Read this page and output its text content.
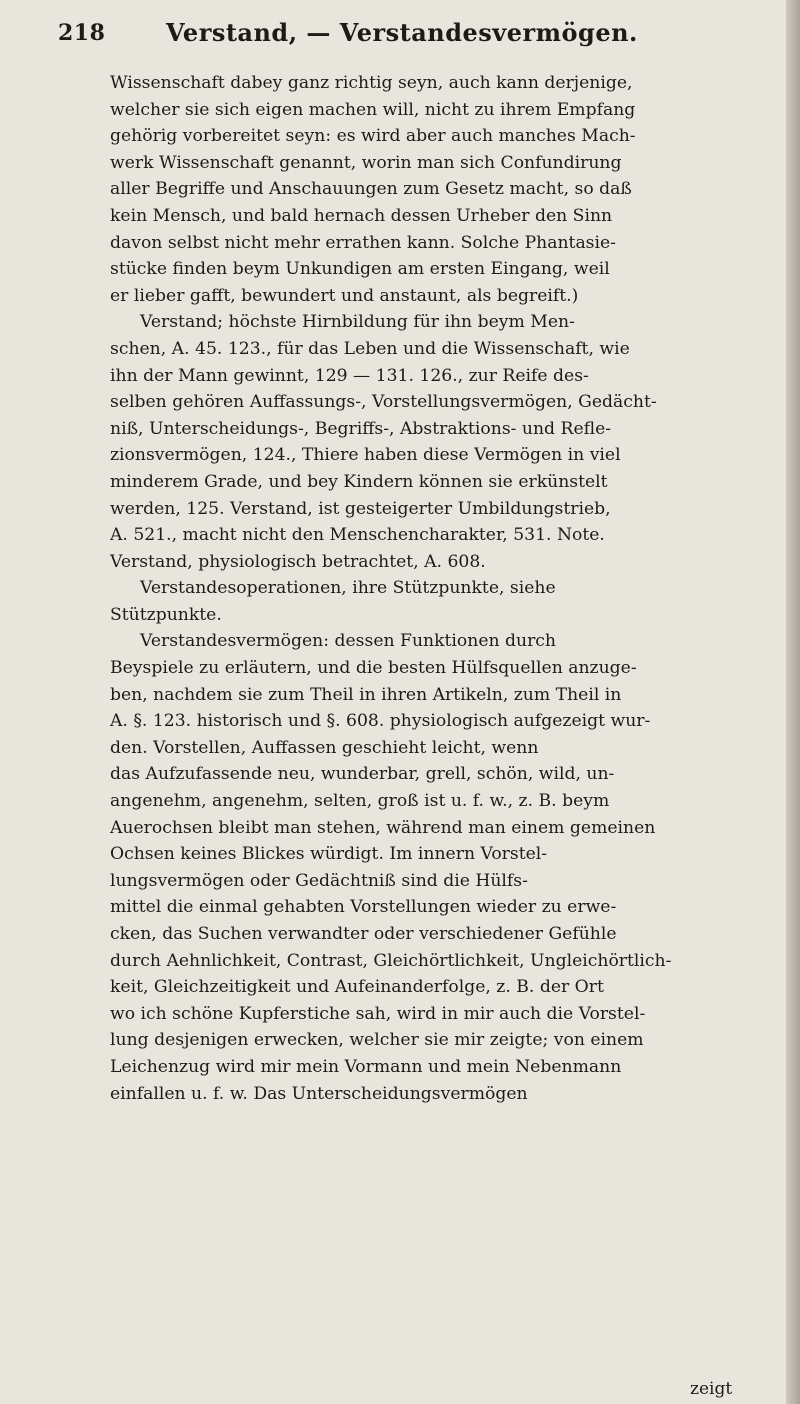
218	Verstand, — Verstandesvermögen.
Wissenschaft dabey ganz richtig seyn, auch kann derjenige,
welcher sie sich eigen machen will, nicht zu ihrem Empfang
gehörig vorbereitet seyn: es wird aber auch manches Mach-
werk Wissenschaft genannt, worin man sich Confundirung
aller Begriffe und Anschauungen zum Gesetz macht, so daß
kein Mensch, und bald hernach dessen Urheber den Sinn
davon selbst nicht mehr errathen kann. Solche Phantasie-
stücke finden beym Unkundigen am ersten Eingang, weil
er lieber gafft, bewundert und anstaunt, als begreift.)
Verstand; höchste Hirnbildung für ihn beym Men-
schen, A. 45. 123., für das Leben und die Wissenschaft, wie
ihn der Mann gewinnt, 129 — 131. 126., zur Reife des-
selben gehören Auffassungs-, Vorstellungsvermögen, Gedächt-
niß, Unterscheidungs-, Begriffs-, Abstraktions- und Refle-
zionsvermögen, 124., Thiere haben diese Vermögen in viel
minderem Grade, und bey Kindern können sie erkünstelt
werden, 125. Verstand, ist gesteigerter Umbildungstrieb,
A. 521., macht nicht den Menschencharakter, 531. Note.
Verstand, physiologisch betrachtet, A. 608.
Verstandesoperationen, ihre Stützpunkte, siehe
Stützpunkte.
Verstandesvermögen: dessen Funktionen durch
Beyspiele zu erläutern, und die besten Hülfsquellen anzuge-
ben, nachdem sie zum Theil in ihren Artikeln, zum Theil in
A. §. 123. historisch und §. 608. physiologisch aufgezeigt wur-
den. Vorstellen, Auffassen geschieht leicht, wenn
das Aufzufassende neu, wunderbar, grell, schön, wild, un-
angenehm, angenehm, selten, groß ist u. f. w., z. B. beym
Auerochsen bleibt man stehen, während man einem gemeinen
Ochsen keines Blickes würdigt. Im innern Vorstel-
lungsvermögen oder Gedächtniß sind die Hülfs-
mittel die einmal gehabten Vorstellungen wieder zu erwe-
cken, das Suchen verwandter oder verschiedener Gefühle
durch Aehnlichkeit, Contrast, Gleichörtlichkeit, Ungleichörtlich-
keit, Gleichzeitigkeit und Aufeinanderfolge, z. B. der Ort
wo ich schöne Kupferstiche sah, wird in mir auch die Vorstel-
lung desjenigen erwecken, welcher sie mir zeigte; von einem
Leichenzug wird mir mein Vormann und mein Nebenmann
einfallen u. f. w. Das Unterscheidungsvermögen
zeigt
